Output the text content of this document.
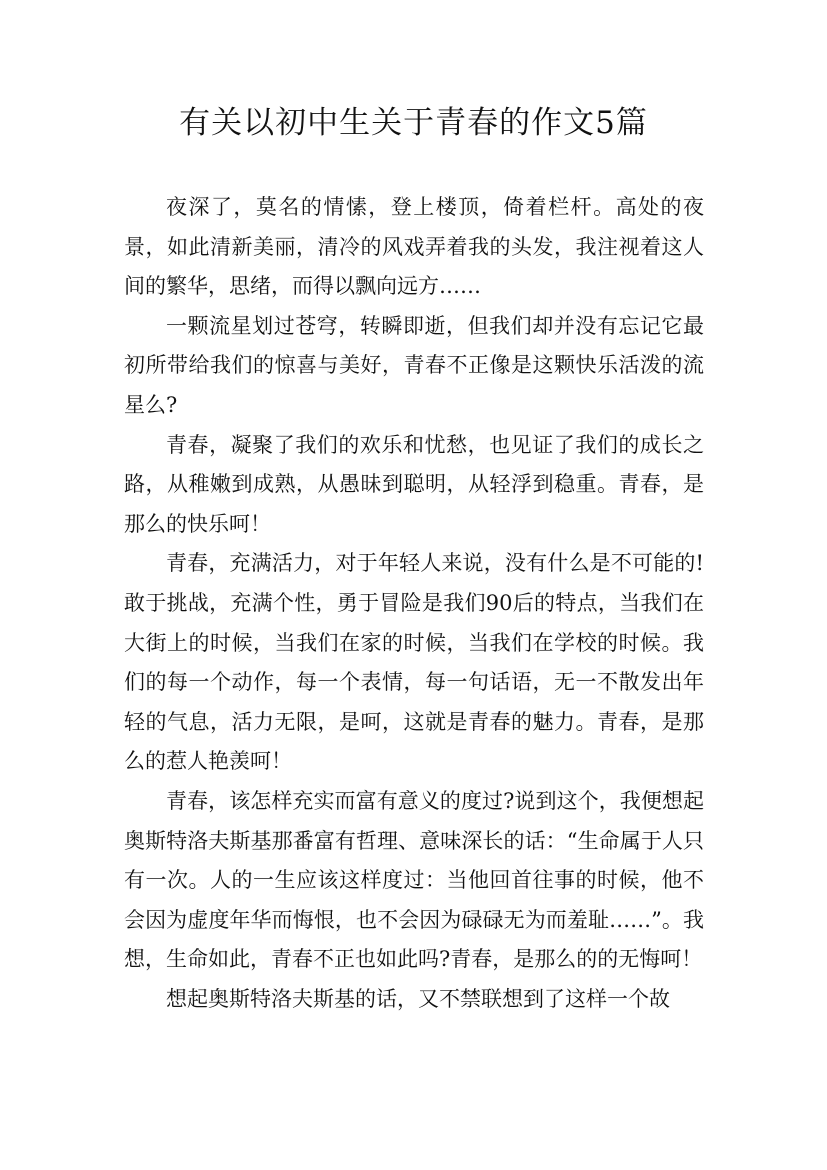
有关以初中生关于青春的作文5篇

夜深了，莫名的情愫，登上楼顶，倚着栏杆。高处的夜景，如此清新美丽，清冷的风戏弄着我的头发，我注视着这人间的繁华，思绪，而得以飘向远方……

一颗流星划过苍穹，转瞬即逝，但我们却并没有忘记它最初所带给我们的惊喜与美好，青春不正像是这颗快乐活泼的流星么?

青春，凝聚了我们的欢乐和忧愁，也见证了我们的成长之路，从稚嫩到成熟，从愚昧到聪明，从轻浮到稳重。青春，是那么的快乐呵！

青春，充满活力，对于年轻人来说，没有什么是不可能的!敢于挑战，充满个性，勇于冒险是我们90后的特点，当我们在大街上的时候，当我们在家的时候，当我们在学校的时候。我们的每一个动作，每一个表情，每一句话语，无一不散发出年轻的气息，活力无限，是呵，这就是青春的魅力。青春，是那么的惹人艳羡呵！

青春，该怎样充实而富有意义的度过?说到这个，我便想起奥斯特洛夫斯基那番富有哲理、意味深长的话：“生命属于人只有一次。人的一生应该这样度过：当他回首往事的时候，他不会因为虚度年华而悔恨，也不会因为碌碌无为而羞耻……”。我想，生命如此，青春不正也如此吗?青春，是那么的的无悔呵！

想起奥斯特洛夫斯基的话，又不禁联想到了这样一个故
